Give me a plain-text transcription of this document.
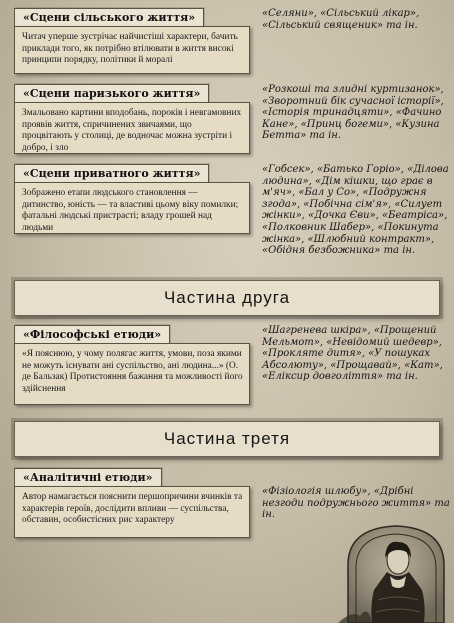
«Сцени сільського життя»

Читач уперше зустрічає найчистіші характери, бачить приклади того, як потрібно втілювати в життя високі принципи порядку, політики й моралі

«Селяни», «Сільський лікар», «Сільський священик» та ін.

«Сцени паризького життя»

Змальовано картини вподобань, пороків і невгамовних проявів життя, спричинених звичаями, що процвітають у столиці, де водночас можна зустріти і добро, і зло

«Розкоші та злидні куртизанок», «Зворотний бік сучасної історії», «Історія тринадцяти», «Фачино Кане», «Принц богеми», «Кузина Бетта» та ін.

«Сцени приватного життя»

Зображено етапи людського становлення — дитинство, юність — та властиві цьому віку помилки; фатальні людські пристрасті; владу грошей над людьми

«Гобсек», «Батько Горіо», «Ділова людина», «Дім кішки, що грає в м'яч», «Бал у Со», «Подружня згода», «Побічна сім'я», «Силует жінки», «Дочка Єви», «Беатріса», «Полковник Шабер», «Покинута жінка», «Шлюбний контракт», «Обідня безбожника» та ін.

Частина друга
«Філософські етюди»

«Я пояснюю, у чому полягає життя, умови, поза якими не можуть існувати ані суспільство, ані людина...» (О. де Бальзак) Протистояння бажання та можливості його здійснення

«Шагренева шкіра», «Прощений Мельмот», «Невідомий шедевр», «Прокляте дитя», «У пошуках Абсолюту», «Прощавай», «Кат», «Еліксир довголіття» та ін.

Частина третя
«Аналітичні етюди»

Автор намагається пояснити першопричини вчинків та характерів героїв, дослідити впливи — суспільства, обставин, особистісних рис характеру

«Фізіологія шлюбу», «Дрібні незгоди подружнього життя» та ін.
